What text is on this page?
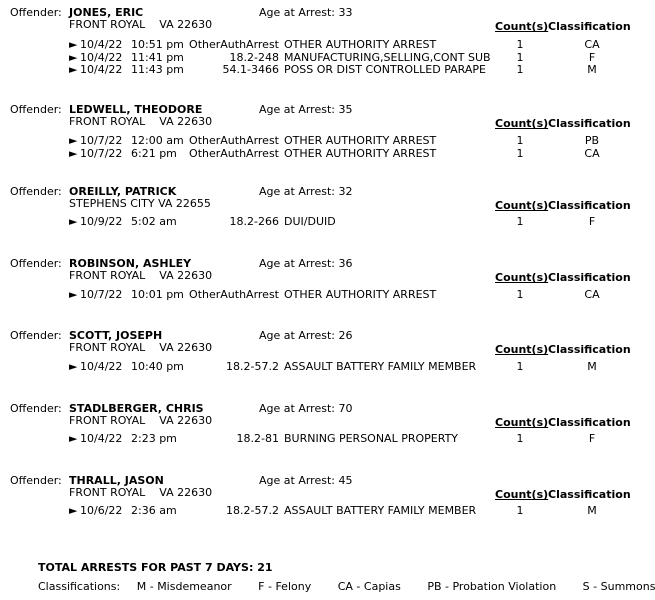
Offender: JONES, ERIC
FRONT ROYAL    VA 22630
Age at Arrest: 33
Count(s) Classification
► 10/4/22 10:51 pm OtherAuthArrest OTHER AUTHORITY ARREST	1	CA
► 10/4/22 11:41 pm	18.2-248 MANUFACTURING,SELLING,CONT SUB	1	F
► 10/4/22 11:43 pm	54.1-3466 POSS OR DIST CONTROLLED PARAPE	1	M
Offender: LEDWELL, THEODORE
FRONT ROYAL    VA 22630
Age at Arrest: 35
Count(s) Classification
► 10/7/22 12:00 am OtherAuthArrest OTHER AUTHORITY ARREST	1	PB
► 10/7/22 6:21 pm OtherAuthArrest OTHER AUTHORITY ARREST	1	CA
Offender: OREILLY, PATRICK
STEPHENS CITY VA 22655
Age at Arrest: 32
Count(s) Classification
► 10/9/22 5:02 am	18.2-266 DUI/DUID	1	F
Offender: ROBINSON, ASHLEY
FRONT ROYAL    VA 22630
Age at Arrest: 36
Count(s) Classification
► 10/7/22 10:01 pm OtherAuthArrest OTHER AUTHORITY ARREST	1	CA
Offender: SCOTT, JOSEPH
FRONT ROYAL    VA 22630
Age at Arrest: 26
Count(s) Classification
► 10/4/22 10:40 pm	18.2-57.2 ASSAULT BATTERY FAMILY MEMBER	1	M
Offender: STADLBERGER, CHRIS
FRONT ROYAL    VA 22630
Age at Arrest: 70
Count(s) Classification
► 10/4/22 2:23 pm	18.2-81 BURNING PERSONAL PROPERTY	1	F
Offender: THRALL, JASON
FRONT ROYAL    VA 22630
Age at Arrest: 45
Count(s) Classification
► 10/6/22 2:36 am	18.2-57.2 ASSAULT BATTERY FAMILY MEMBER	1	M
TOTAL ARRESTS FOR PAST 7 DAYS: 21
Classifications: M - Misdemeanor F - Felony CA - Capias PB - Probation Violation S - Summons
